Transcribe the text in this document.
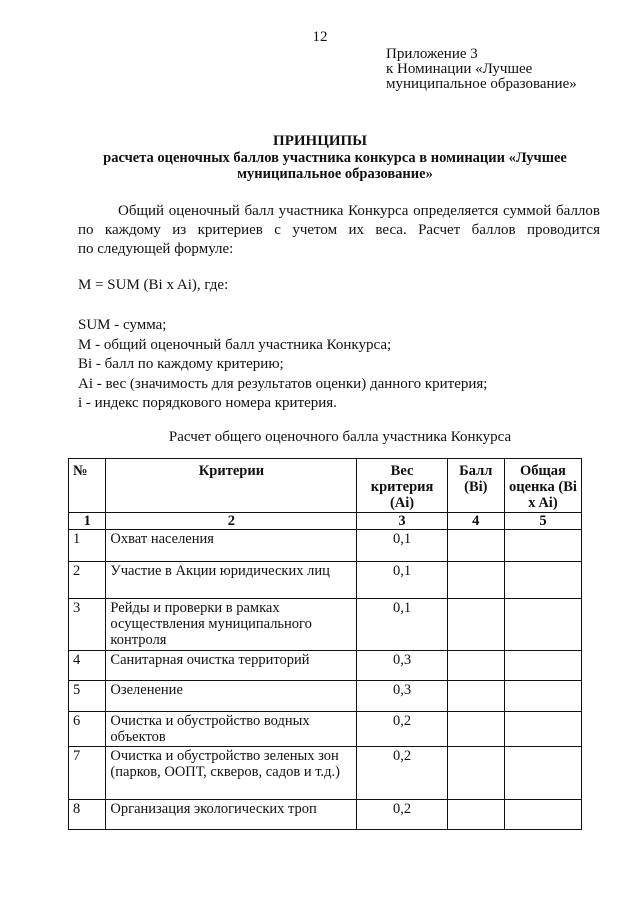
12
Приложение 3
к Номинации «Лучшее
муниципальное образование»
ПРИНЦИПЫ
расчета оценочных баллов участника конкурса в номинации «Лучшее муниципальное образование»
Общий оценочный балл участника Конкурса определяется суммой баллов
по каждому из критериев с учетом их веса. Расчет баллов проводится
по следующей формуле:
M = SUM (Bi x Ai), где:
SUM - сумма;
M - общий оценочный балл участника Конкурса;
Bi - балл по каждому критерию;
Ai - вес (значимость для результатов оценки) данного критерия;
i - индекс порядкового номера критерия.
Расчет общего оценочного балла участника Конкурса
№	Критерии	Вес критерия (Ai)	Балл (Bi)	Общая оценка (Bi x Ai)
1	2	3	4	5
1	Охват населения	0,1		
2	Участие в Акции юридических лиц	0,1		
3	Рейды и проверки в рамках осуществления муниципального контроля	0,1		
4	Санитарная очистка территорий	0,3		
5	Озеленение	0,3		
6	Очистка и обустройство водных объектов	0,2		
7	Очистка и обустройство зеленых зон (парков, ООПТ, скверов, садов и т.д.)	0,2		
8	Организация экологических троп	0,2		
